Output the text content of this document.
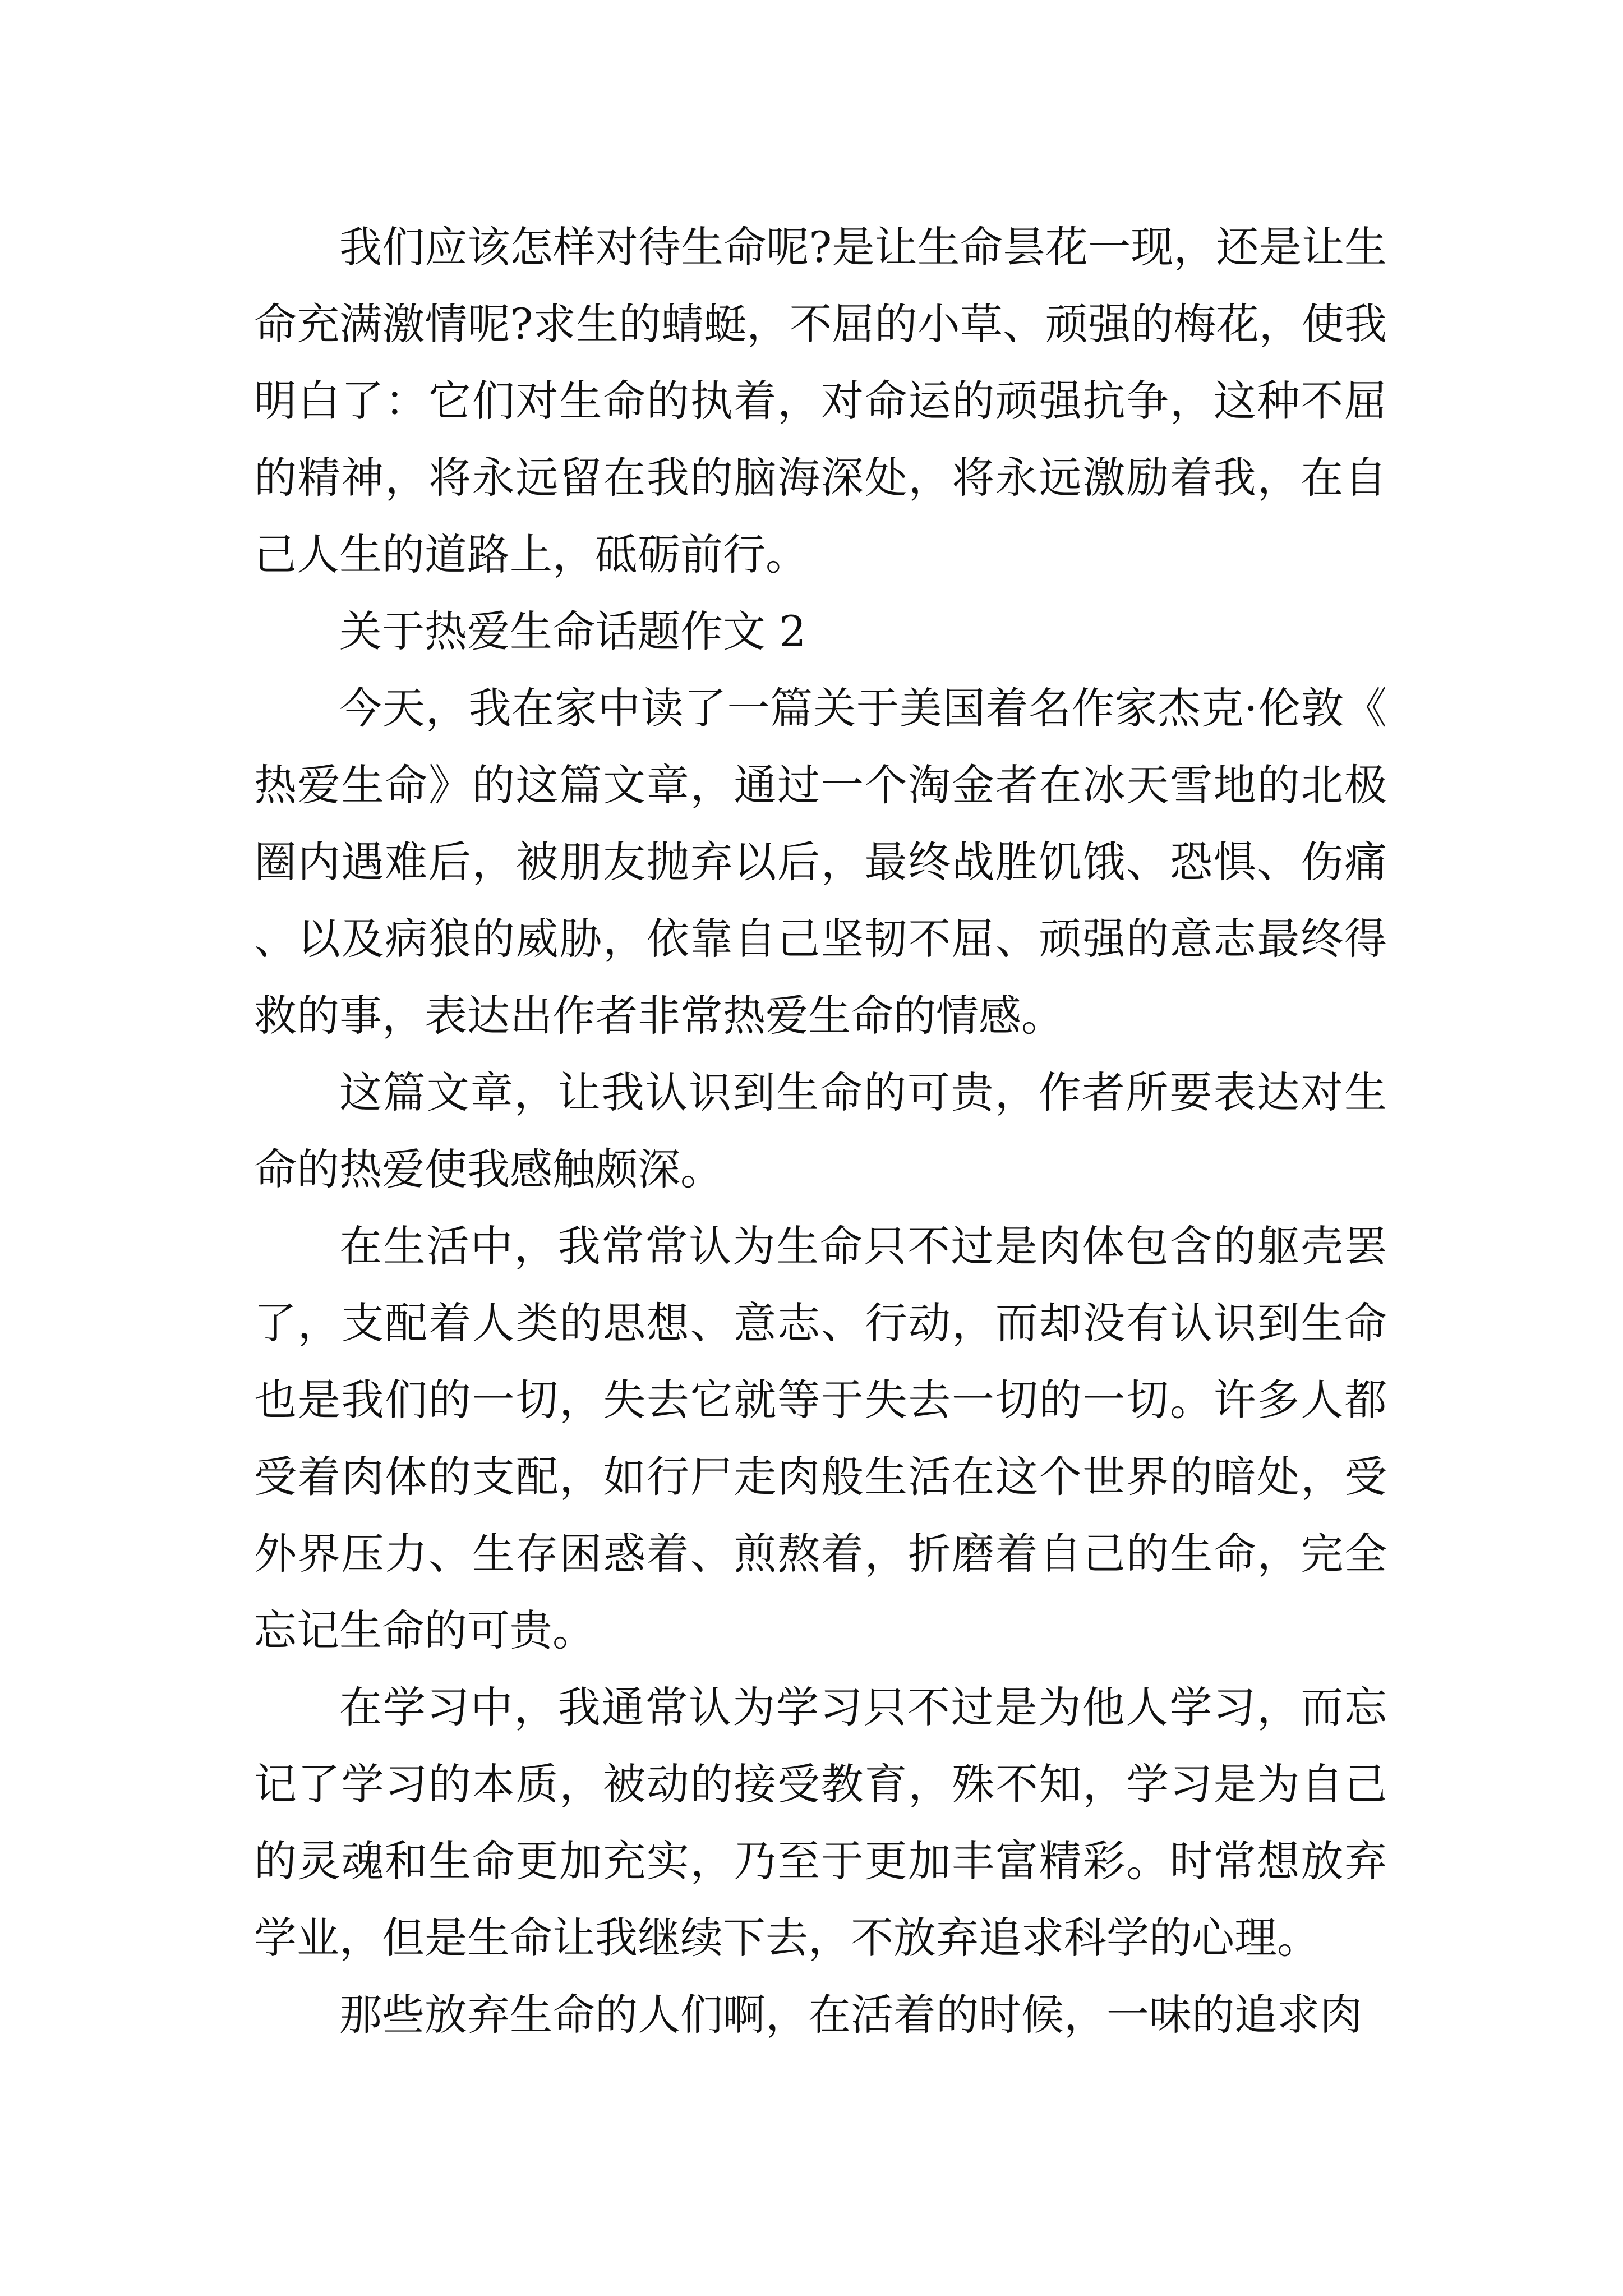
我们应该怎样对待生命呢?是让生命昙花一现，还是让生命充满激情呢?求生的蜻蜓，不屈的小草、顽强的梅花，使我明白了：它们对生命的执着，对命运的顽强抗争，这种不屈的精神，将永远留在我的脑海深处，将永远激励着我，在自己人生的道路上，砥砺前行。

关于热爱生命话题作文 2

今天，我在家中读了一篇关于美国着名作家杰克·伦敦《热爱生命》的这篇文章，通过一个淘金者在冰天雪地的北极圈内遇难后，被朋友抛弃以后，最终战胜饥饿、恐惧、伤痛、以及病狼的威胁，依靠自己坚韧不屈、顽强的意志最终得救的事，表达出作者非常热爱生命的情感。

这篇文章，让我认识到生命的可贵，作者所要表达对生命的热爱使我感触颇深。

在生活中，我常常认为生命只不过是肉体包含的躯壳罢了，支配着人类的思想、意志、行动，而却没有认识到生命也是我们的一切，失去它就等于失去一切的一切。许多人都受着肉体的支配，如行尸走肉般生活在这个世界的暗处，受外界压力、生存困惑着、煎熬着，折磨着自己的生命，完全忘记生命的可贵。

在学习中，我通常认为学习只不过是为他人学习，而忘记了学习的本质，被动的接受教育，殊不知，学习是为自己的灵魂和生命更加充实，乃至于更加丰富精彩。时常想放弃学业，但是生命让我继续下去，不放弃追求科学的心理。

那些放弃生命的人们啊，在活着的时候，一味的追求肉
